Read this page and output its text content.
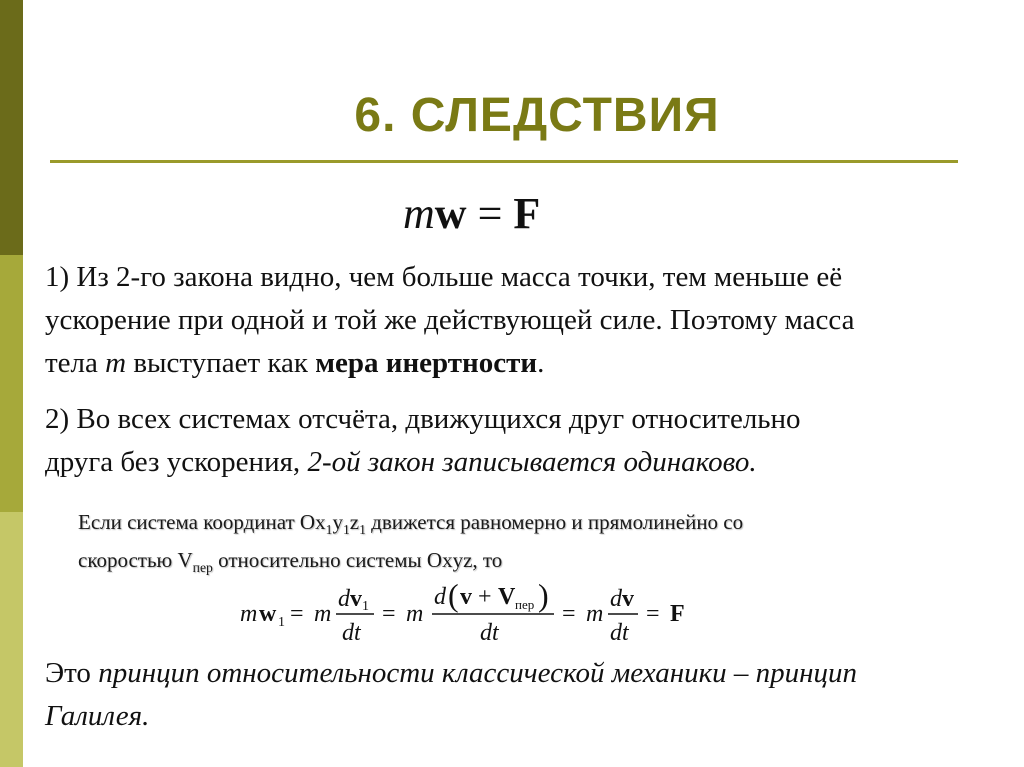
6. СЛЕДСТВИЯ
mw = F
1) Из 2-го закона видно, чем больше масса точки, тем меньше её
ускорение при одной и той же действующей силе. Поэтому масса
тела m выступает как мера инертности.
2) Во всех системах отсчёта, движущихся друг относительно
друга без ускорения, 2-ой закон записывается одинаково.
Если система координат $Ox_1y_1z_1$ движется равномерно и прямолинейно со
скоростью $V_{пер}$ относительно системы Oxyz, то
m w 1 = m
d v 1
dt
= m
d ( v + V пер )
dt
= m
d v
dt
= F
Это принцип относительности классической механики – принцип
Галилея.
